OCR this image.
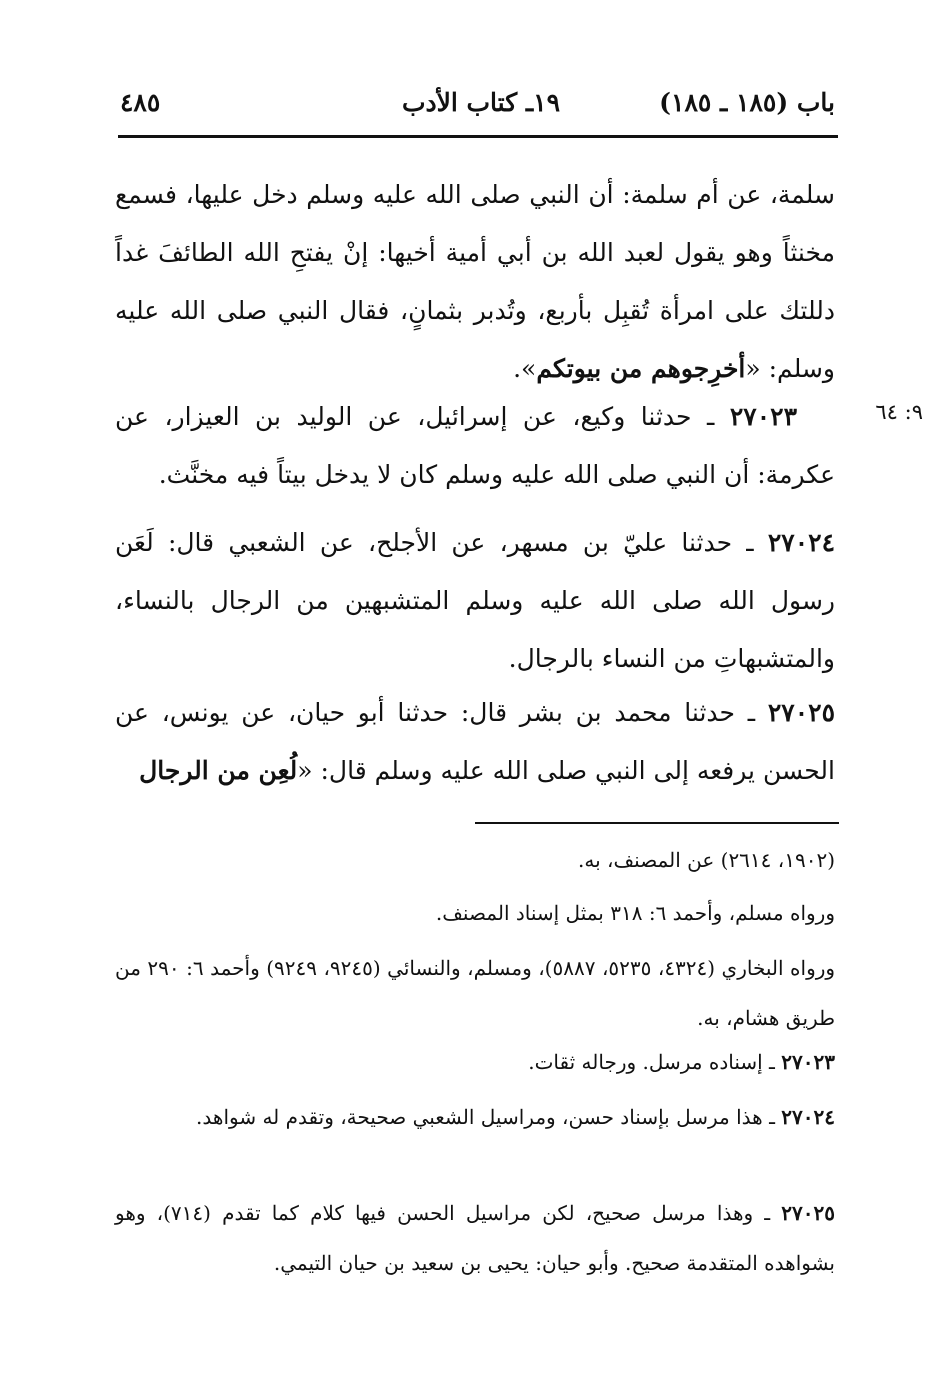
باب (١٨٥ ـ ١٨٥)
١٩ـ كتاب الأدب
٤٨٥
سلمة، عن أم سلمة: أن النبي صلى الله عليه وسلم دخل عليها، فسمع مخنثاً وهو يقول لعبد الله بن أبي أمية أخيها: إنْ يفتحِ الله الطائفَ غداً دللتك على امرأة تُقبِل بأربع، وتُدبر بثمانٍ، فقال النبي صلى الله عليه وسلم: «أخرِجوهم من بيوتكم».
٩: ٦٤
٢٧٠٢٣ ـ حدثنا وكيع، عن إسرائيل، عن الوليد بن العيزار، عن عكرمة: أن النبي صلى الله عليه وسلم كان لا يدخل بيتاً فيه مخنَّث.
٢٧٠٢٤ ـ حدثنا عليّ بن مسهر، عن الأجلح، عن الشعبي قال: لَعَن رسول الله صلى الله عليه وسلم المتشبهين من الرجال بالنساء، والمتشبهاتِ من النساء بالرجال.
٢٧٠٢٥ ـ حدثنا محمد بن بشر قال: حدثنا أبو حيان، عن يونس، عن الحسن يرفعه إلى النبي صلى الله عليه وسلم قال: «لُعِن من الرجال
(١٩٠٢، ٢٦١٤) عن المصنف، به.
ورواه مسلم، وأحمد ٦: ٣١٨ بمثل إسناد المصنف.
ورواه البخاري (٤٣٢٤، ٥٢٣٥، ٥٨٨٧)، ومسلم، والنسائي (٩٢٤٥، ٩٢٤٩) وأحمد ٦: ٢٩٠ من طريق هشام، به.
٢٧٠٢٣ ـ إسناده مرسل. ورجاله ثقات.
٢٧٠٢٤ ـ هذا مرسل بإسناد حسن، ومراسيل الشعبي صحيحة، وتقدم له شواهد.
٢٧٠٢٥ ـ وهذا مرسل صحيح، لكن مراسيل الحسن فيها كلام كما تقدم (٧١٤)، وهو بشواهده المتقدمة صحيح. وأبو حيان: يحيى بن سعيد بن حيان التيمي.
